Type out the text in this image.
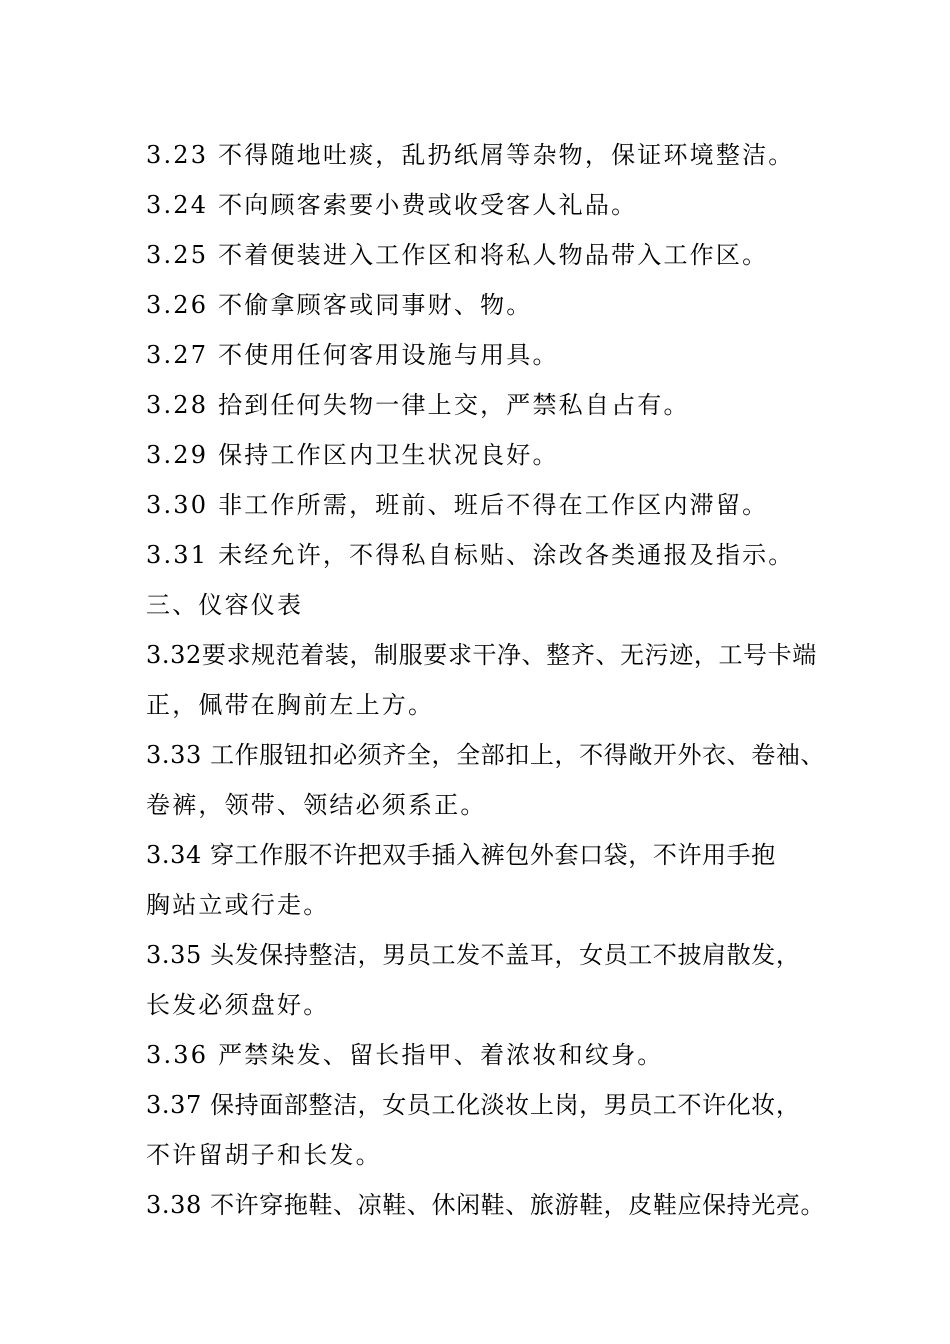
3.23 不得随地吐痰，乱扔纸屑等杂物，保证环境整洁。
3.24 不向顾客索要小费或收受客人礼品。
3.25 不着便装进入工作区和将私人物品带入工作区。
3.26 不偷拿顾客或同事财、物。
3.27 不使用任何客用设施与用具。
3.28 拾到任何失物一律上交，严禁私自占有。
3.29 保持工作区内卫生状况良好。
3.30 非工作所需，班前、班后不得在工作区内滞留。
3.31 未经允许，不得私自标贴、涂改各类通报及指示。
三、仪容仪表
3.32要求规范着装，制服要求干净、整齐、无污迹，工号卡端
正，佩带在胸前左上方。
3.33 工作服钮扣必须齐全，全部扣上，不得敞开外衣、卷袖、
卷裤，领带、领结必须系正。
3.34 穿工作服不许把双手插入裤包外套口袋，不许用手抱
胸站立或行走。
3.35 头发保持整洁，男员工发不盖耳，女员工不披肩散发，
长发必须盘好。
3.36 严禁染发、留长指甲、着浓妆和纹身。
3.37 保持面部整洁，女员工化淡妆上岗，男员工不许化妆，
不许留胡子和长发。
3.38 不许穿拖鞋、凉鞋、休闲鞋、旅游鞋，皮鞋应保持光亮。
